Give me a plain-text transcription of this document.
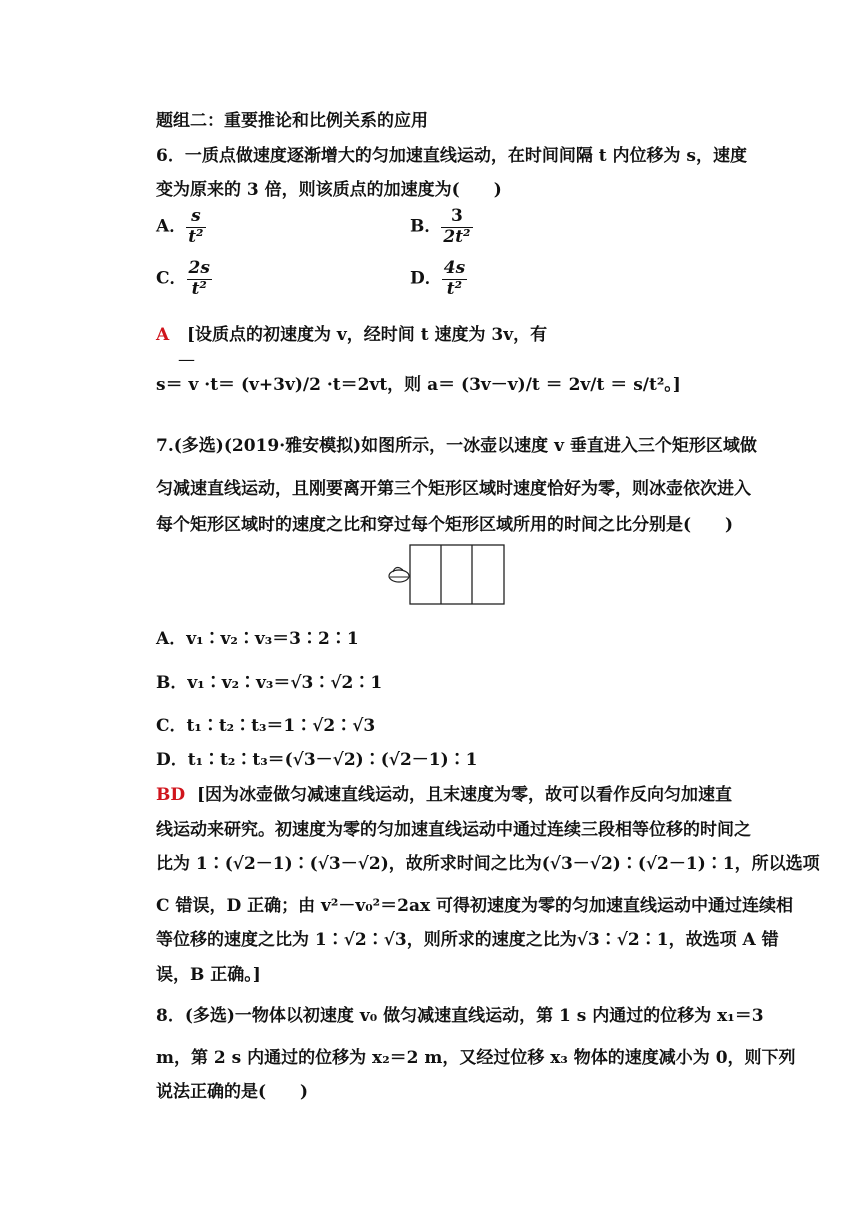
题组二：重要推论和比例关系的应用
6．一质点做速度逐渐增大的匀加速直线运动，在时间间隔 t 内位移为 s，速度
变为原来的 3 倍，则该质点的加速度为(　　)
A． $\frac{s}{\text{t²}}$	B． $\frac{3}{\text{2t²}}$
C． $\frac{2s}{\text{t²}}$	D． $\frac{4s}{\text{t²}}$
A [设质点的初速度为 v，经时间 t 速度为 3v，有
—
s＝ v ·t＝ (v+3v)/2 ·t＝2vt，则 a＝ (3v－v)/t ＝ 2v/t ＝ s/t²。]
7.(多选)(2019·雅安模拟)如图所示，一冰壶以速度 v 垂直进入三个矩形区域做
匀减速直线运动，且刚要离开第三个矩形区域时速度恰好为零，则冰壶依次进入
每个矩形区域时的速度之比和穿过每个矩形区域所用的时间之比分别是(　　)
A．v₁∶v₂∶v₃＝3∶2∶1
B．v₁∶v₂∶v₃＝√3∶√2∶1
C．t₁∶t₂∶t₃＝1∶√2∶√3
D．t₁∶t₂∶t₃＝(√3－√2)∶(√2－1)∶1
BD [因为冰壶做匀减速直线运动，且末速度为零，故可以看作反向匀加速直
线运动来研究。初速度为零的匀加速直线运动中通过连续三段相等位移的时间之
比为 1∶(√2－1)∶(√3－√2)，故所求时间之比为(√3－√2)∶(√2－1)∶1，所以选项
C 错误，D 正确；由 v²－v₀²＝2ax 可得初速度为零的匀加速直线运动中通过连续相
等位移的速度之比为 1∶√2∶√3，则所求的速度之比为√3∶√2∶1，故选项 A 错
误，B 正确。]
8．(多选)一物体以初速度 v₀ 做匀减速直线运动，第 1 s 内通过的位移为 x₁＝3
m，第 2 s 内通过的位移为 x₂＝2 m，又经过位移 x₃ 物体的速度减小为 0，则下列
说法正确的是(　　)
